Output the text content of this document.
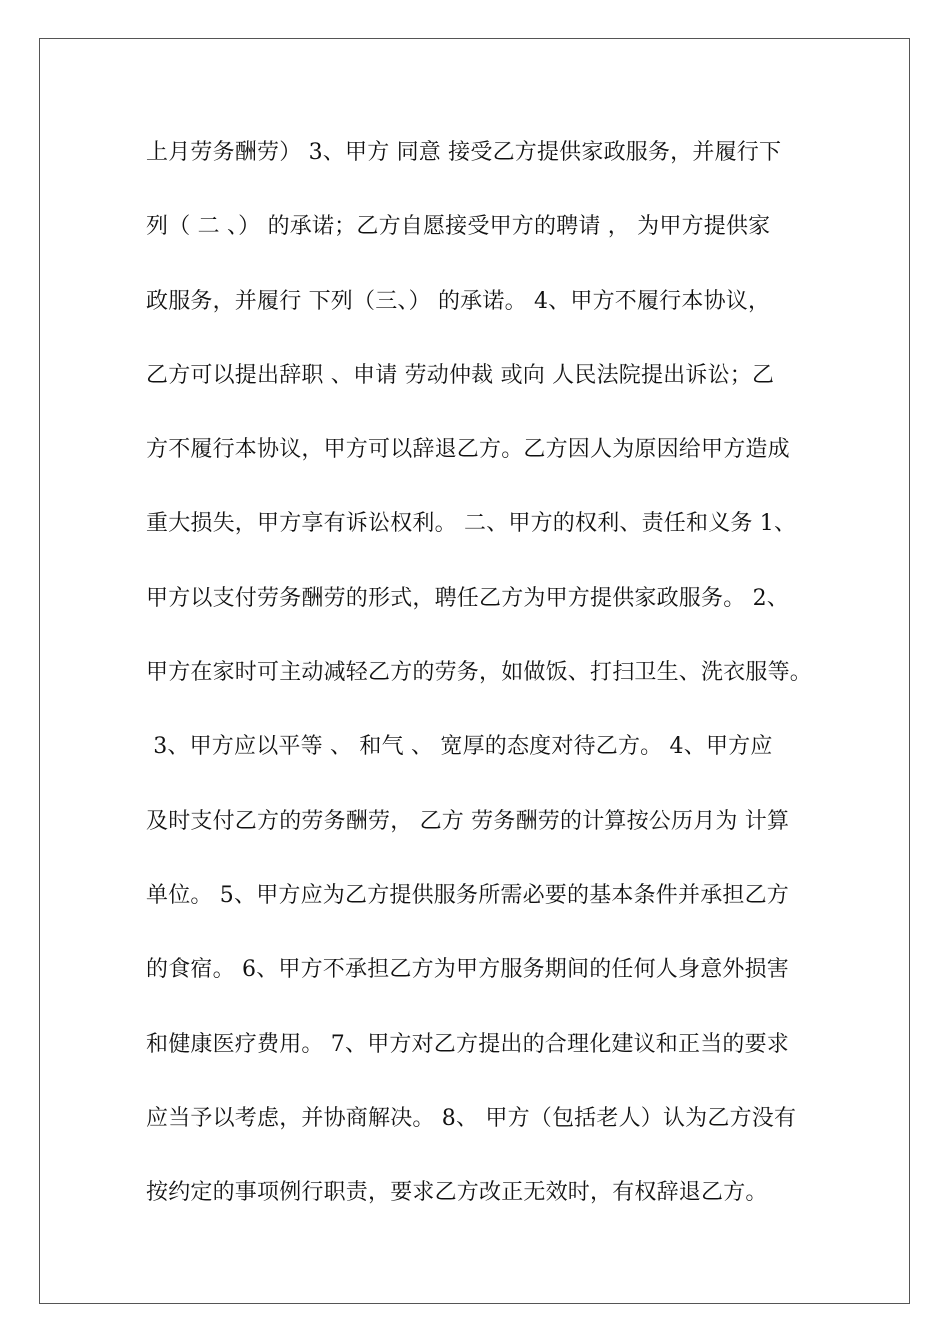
上月劳务酬劳） 3、甲方 同意 接受乙方提供家政服务，并履行下
列（ 二 、） 的承诺；乙方自愿接受甲方的聘请 ， 为甲方提供家
政服务，并履行 下列（三、） 的承诺。 4、甲方不履行本协议，
乙方可以提出辞职 、申请 劳动仲裁 或向 人民法院提出诉讼；乙
方不履行本协议，甲方可以辞退乙方。乙方因人为原因给甲方造成
重大损失，甲方享有诉讼权利。 二、甲方的权利、责任和义务 1、
甲方以支付劳务酬劳的形式，聘任乙方为甲方提供家政服务。 2、
甲方在家时可主动减轻乙方的劳务，如做饭、打扫卫生、洗衣服等。
3、甲方应以平等 、 和气 、 宽厚的态度对待乙方。 4、甲方应
及时支付乙方的劳务酬劳， 乙方 劳务酬劳的计算按公历月为 计算
单位。 5、甲方应为乙方提供服务所需必要的基本条件并承担乙方
的食宿。 6、甲方不承担乙方为甲方服务期间的任何人身意外损害
和健康医疗费用。 7、甲方对乙方提出的合理化建议和正当的要求
应当予以考虑，并协商解决。 8、 甲方（包括老人）认为乙方没有
按约定的事项例行职责，要求乙方改正无效时，有权辞退乙方。
